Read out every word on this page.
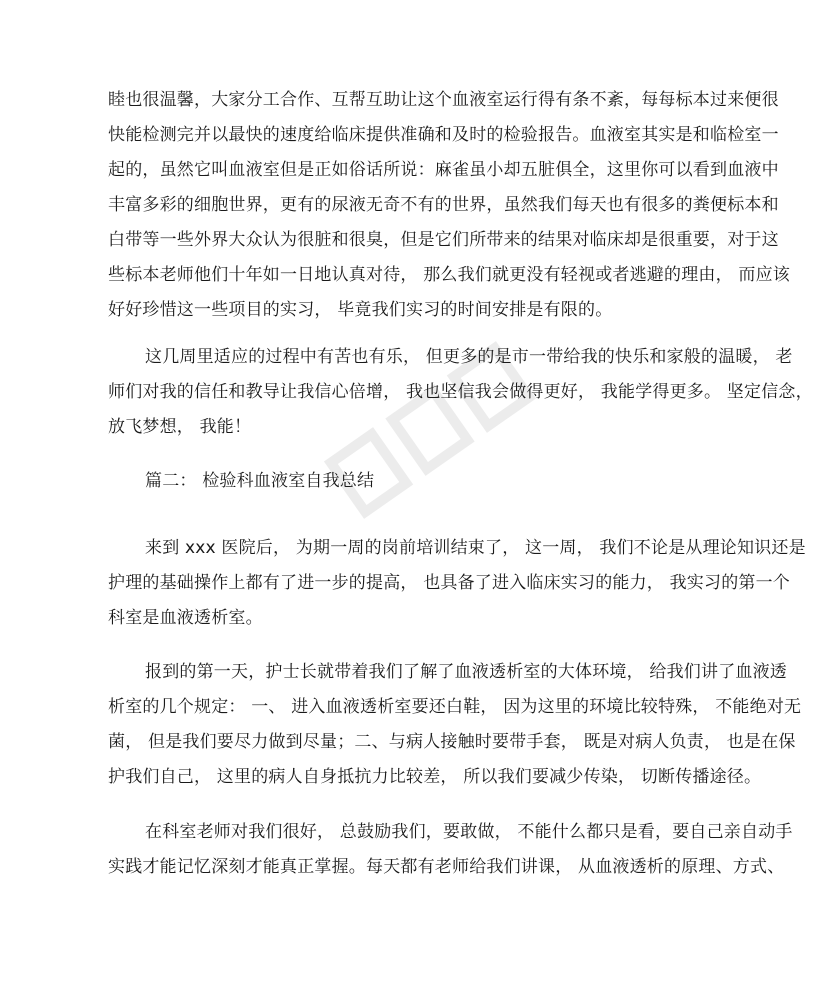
睦也很温馨，大家分工合作、互帮互助让这个血液室运行得有条不紊，每每标本过来便很
快能检测完并以最快的速度给临床提供准确和及时的检验报告。血液室其实是和临检室一
起的，虽然它叫血液室但是正如俗话所说：麻雀虽小却五脏俱全，这里你可以看到血液中
丰富多彩的细胞世界，更有的尿液无奇不有的世界，虽然我们每天也有很多的粪便标本和
白带等一些外界大众认为很脏和很臭，但是它们所带来的结果对临床却是很重要，对于这
些标本老师他们十年如一日地认真对待， 那么我们就更没有轻视或者逃避的理由， 而应该
好好珍惜这一些项目的实习， 毕竟我们实习的时间安排是有限的。
这几周里适应的过程中有苦也有乐， 但更多的是市一带给我的快乐和家般的温暖， 老
师们对我的信任和教导让我信心倍增， 我也坚信我会做得更好， 我能学得更多。 坚定信念，
放飞梦想， 我能！
篇二： 检验科血液室自我总结
来到 xxx 医院后， 为期一周的岗前培训结束了， 这一周， 我们不论是从理论知识还是
护理的基础操作上都有了进一步的提高， 也具备了进入临床实习的能力， 我实习的第一个
科室是血液透析室。
报到的第一天，护士长就带着我们了解了血液透析室的大体环境， 给我们讲了血液透
析室的几个规定： 一、 进入血液透析室要还白鞋， 因为这里的环境比较特殊， 不能绝对无
菌， 但是我们要尽力做到尽量；二、与病人接触时要带手套， 既是对病人负责， 也是在保
护我们自己， 这里的病人自身抵抗力比较差， 所以我们要减少传染， 切断传播途径。
在科室老师对我们很好， 总鼓励我们，要敢做， 不能什么都只是看，要自己亲自动手
实践才能记忆深刻才能真正掌握。每天都有老师给我们讲课， 从血液透析的原理、方式、
